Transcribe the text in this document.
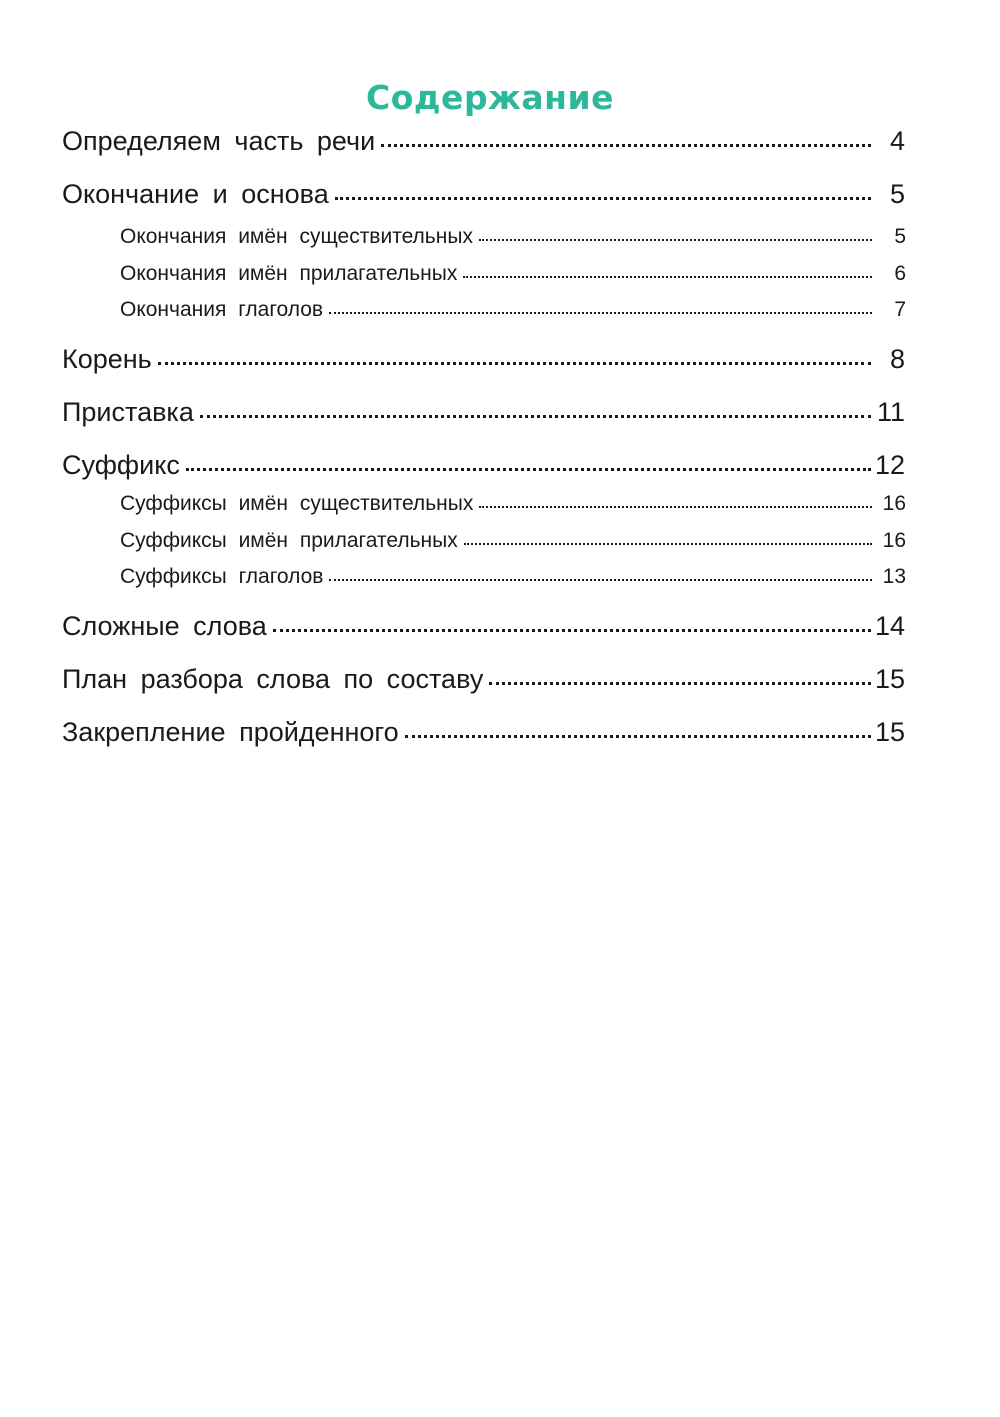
Содержание
Определяем часть речи	4
Окончание и основа	5
Окончания имён существительных	5
Окончания имён прилагательных	6
Окончания глаголов	7
Корень	8
Приставка	11
Суффикс	12
Суффиксы имён существительных	16
Суффиксы имён прилагательных	16
Суффиксы глаголов	13
Сложные слова	14
План разбора слова по составу	15
Закрепление пройденного	15
